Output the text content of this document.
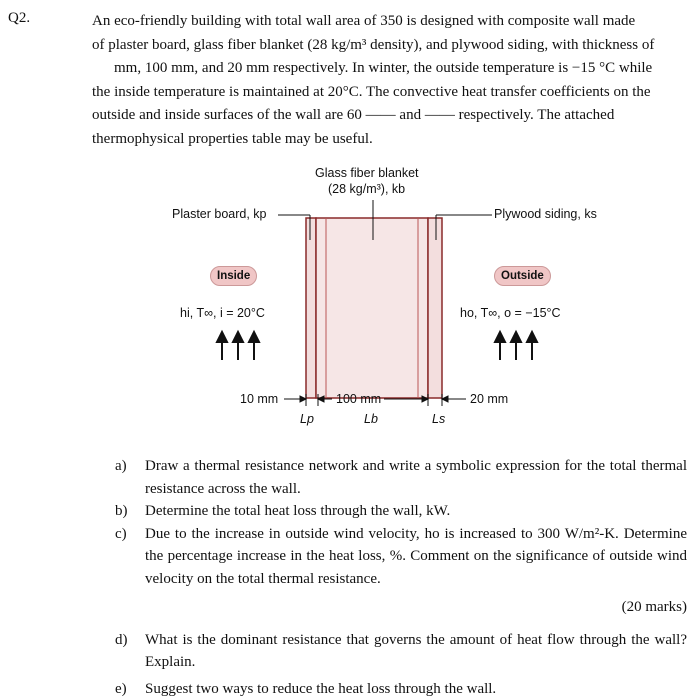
Q2.	An eco-friendly building with total wall area of 350 is designed with composite wall made

of plaster board, glass fiber blanket (28 kg/m³ density), and plywood siding, with thickness of

mm, 100 mm, and 20 mm respectively. In winter, the outside temperature is −15 °C while

the inside temperature is maintained at 20°C. The convective heat transfer coefficients on the

outside and inside surfaces of the wall are 60 —— and —— respectively. The attached

thermophysical properties table may be useful.

Glass fiber blanket
(28 kg/m³), kb
Plaster board, kp	Plywood siding, ks
Inside	Outside
hi, T∞, i = 20°C	ho, T∞, o = −15°C
10 mm	100 mm	20 mm
Lp	Lb	Ls
a)	Draw a thermal resistance network and write a symbolic expression for the total thermal resistance across the wall.
b)	Determine the total heat loss through the wall, kW.
c)	Due to the increase in outside wind velocity, ho is increased to 300 W/m²-K. Determine the percentage increase in the heat loss, %. Comment on the significance of outside wind velocity on the total thermal resistance.
(20 marks)
d)	What is the dominant resistance that governs the amount of heat flow through the wall? Explain.
e)	Suggest two ways to reduce the heat loss through the wall.
